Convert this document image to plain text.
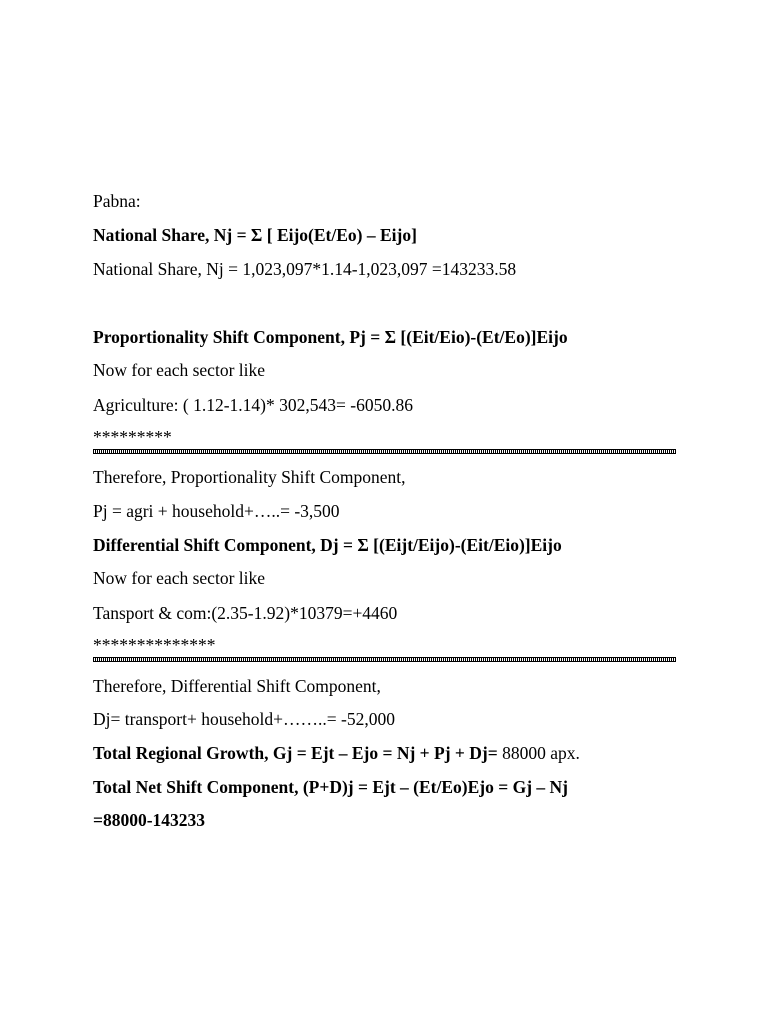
Pabna:
National Share, Nj = Σ [ Eijo(Et/Eo) – Eijo]
National Share, Nj = 1,023,097*1.14-1,023,097 =143233.58
Proportionality Shift Component, Pj = Σ [(Eit/Eio)-(Et/Eo)]Eijo
Now for each sector like
Agriculture: ( 1.12-1.14)* 302,543= -6050.86
*********
Therefore, Proportionality Shift Component,
Pj = agri + household+…..= -3,500
Differential Shift Component, Dj = Σ [(Eijt/Eijo)-(Eit/Eio)]Eijo
Now for each sector like
Tansport & com:(2.35-1.92)*10379=+4460
**************
Therefore, Differential Shift Component,
Dj= transport+ household+……..= -52,000
Total Regional Growth, Gj = Ejt – Ejo = Nj + Pj + Dj= 88000 apx.
Total Net Shift Component, (P+D)j = Ejt – (Et/Eo)Ejo = Gj – Nj
=88000-143233
